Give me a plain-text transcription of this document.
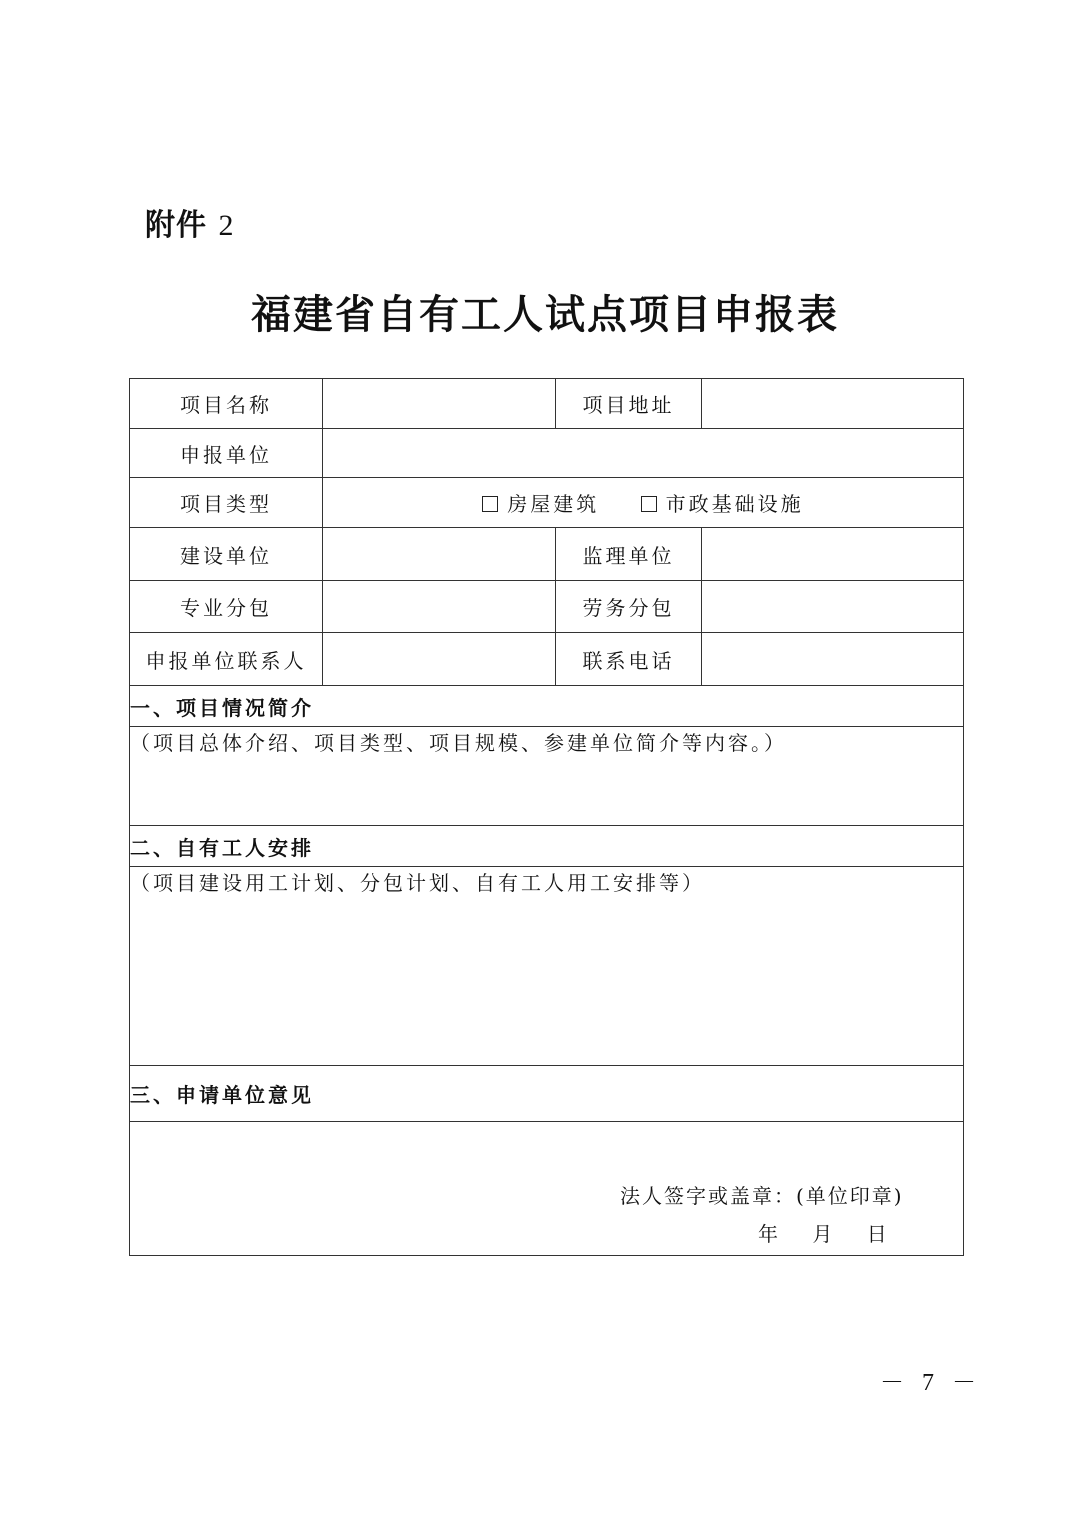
附件 2
福建省自有工人试点项目申报表
项目名称		项目地址	
申报单位			
项目类型	房屋建筑 市政基础设施		
建设单位		监理单位	
专业分包		劳务分包	
申报单位联系人		联系电话	
一、项目情况简介			
（项目总体介绍、项目类型、项目规模、参建单位简介等内容。）			
二、自有工人安排			
（项目建设用工计划、分包计划、自有工人用工安排等）			
三、申请单位意见			

法人签字或盖章：(单位印章)
年 月 日			
－ 7 －
